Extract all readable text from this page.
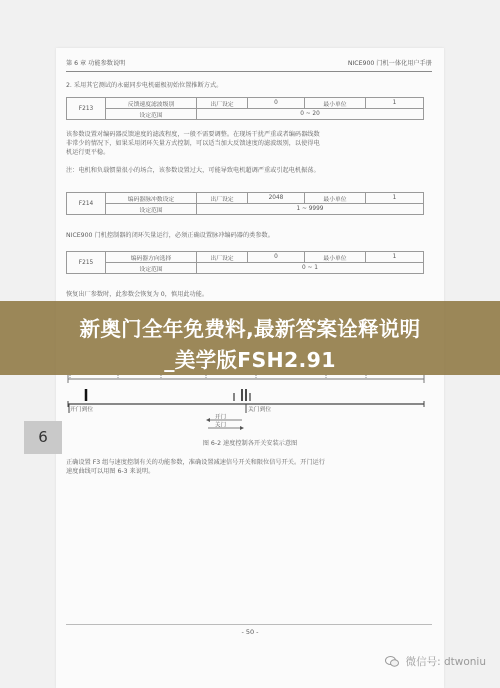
第 6 章 功能参数说明	NICE900 门机一体化用户手册
2. 采用其它测试的永磁同步电机磁极初始位置推断方式。
F213	反馈速度滤波级别	出厂设定	0	最小单位	1
	设定范围	0 ~ 20			
该参数设置对编码器反馈速度的滤波程度，一般不需要调整。在现场干扰严重或者编码器线数
非常少的情况下，如果采用闭环矢量方式控制，可以适当加大反馈速度的滤波级别，以使得电
机运行更平稳。
注：电机和负载惯量很小的场合，该参数设置过大，可能导致电机超调严重或引起电机振荡。
F214	编码器脉冲数设定	出厂设定	2048	最小单位	1
	设定范围	1 ~ 9999			
NICE900 门机控制器的闭环矢量运行，必须正确设置脉冲编码器的类参数。
F215	编码器方向选择	出厂设定	0	最小单位	1
	设定范围	0 ~ 1			
恢复出厂参数时，此参数会恢复为 0，慎用此功能。
新奥门全年免费料,最新答案诠释说明
_美学版FSH2.91
开门到位	关门到位
开门
关门
6	图 6-2 速度控制各开关安装示意图
正确设置 F3 组与速度控制有关的功能参数，准确设置减速信号开关和限位信号开关。开门运行
速度曲线可以用图 6-3 来说明。
- 50 -
微信号: dtwoniu
